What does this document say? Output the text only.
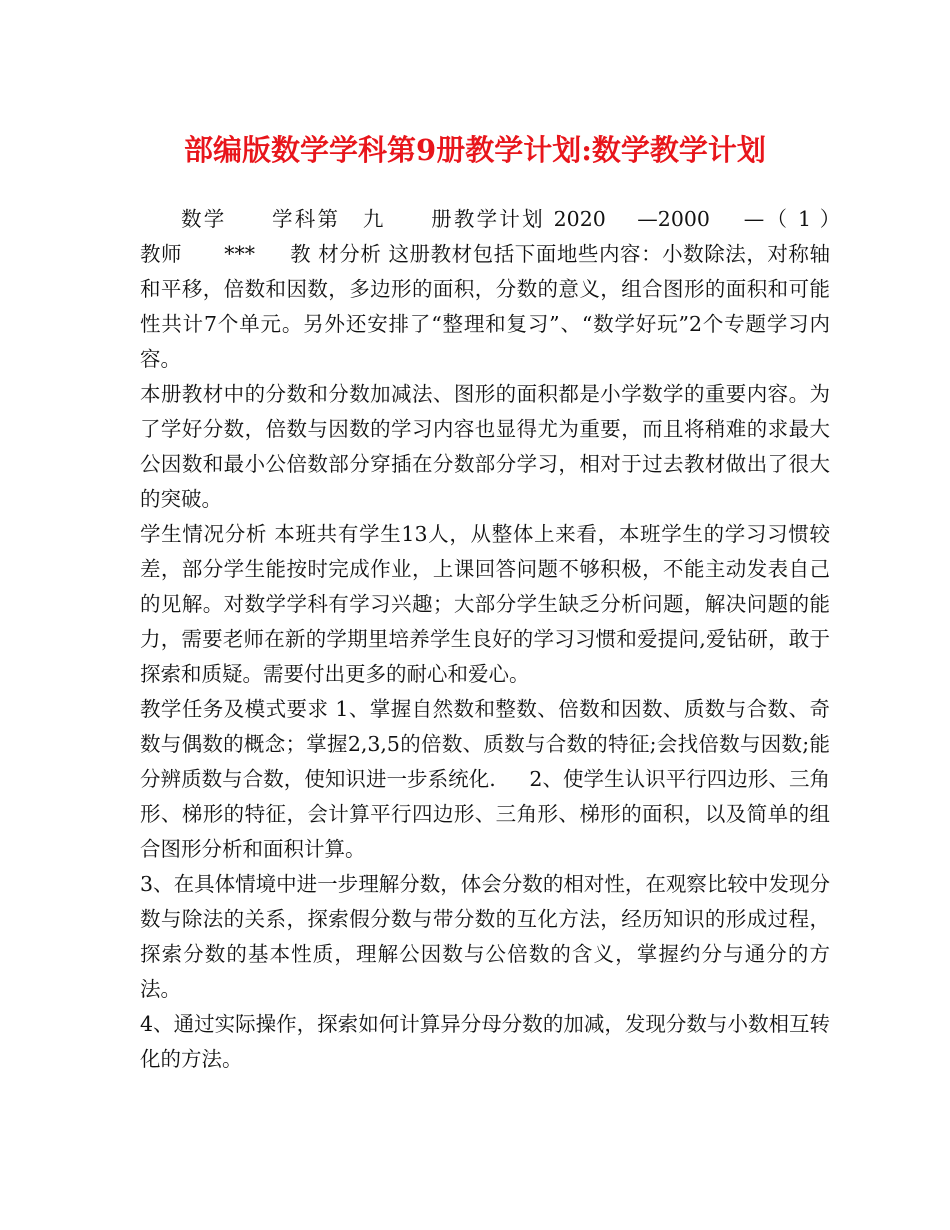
部编版数学学科第9册教学计划:数学教学计划

数学　　学科第　九　　册教学计划 2020 　—2000　 —（ 1 ）　　教师　　*** 　 教 材分析 这册教材包括下面地些内容：小数除法，对称轴和平移，倍数和因数，多边形的面积，分数的意义，组合图形的面积和可能性共计7个单元。另外还安排了“整理和复习”、“数学好玩”2个专题学习内容。

本册教材中的分数和分数加减法、图形的面积都是小学数学的重要内容。为了学好分数，倍数与因数的学习内容也显得尤为重要，而且将稍难的求最大公因数和最小公倍数部分穿插在分数部分学习，相对于过去教材做出了很大的突破。

学生情况分析 本班共有学生13人，从整体上来看，本班学生的学习习惯较差，部分学生能按时完成作业，上课回答问题不够积极，不能主动发表自己的见解。对数学学科有学习兴趣；大部分学生缺乏分析问题，解决问题的能力，需要老师在新的学期里培养学生良好的学习习惯和爱提问,爱钻研，敢于探索和质疑。需要付出更多的耐心和爱心。

教学任务及模式要求 1、掌握自然数和整数、倍数和因数、质数与合数、奇数与偶数的概念；掌握2,3,5的倍数、质数与合数的特征;会找倍数与因数;能分辨质数与合数，使知识进一步系统化. 　 2、使学生认识平行四边形、三角形、梯形的特征，会计算平行四边形、三角形、梯形的面积，以及简单的组合图形分析和面积计算。

3、在具体情境中进一步理解分数，体会分数的相对性，在观察比较中发现分数与除法的关系，探索假分数与带分数的互化方法，经历知识的形成过程，探索分数的基本性质，理解公因数与公倍数的含义，掌握约分与通分的方法。

4、通过实际操作，探索如何计算异分母分数的加减，发现分数与小数相互转化的方法。
